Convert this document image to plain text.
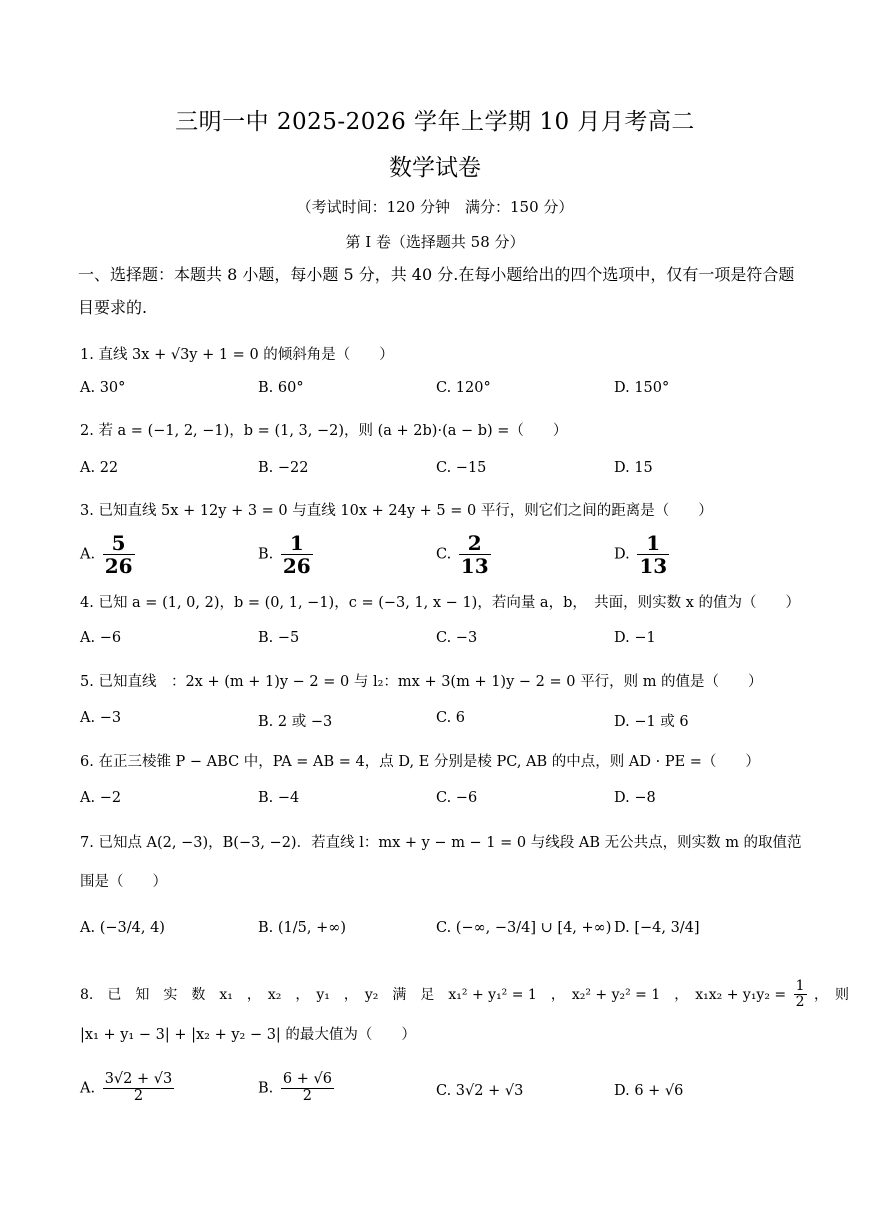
三明一中 2025-2026 学年上学期 10 月月考高二
数学试卷
（考试时间：120 分钟　满分：150 分）
第 I 卷（选择题共 58 分）
一、选择题：本题共 8 小题，每小题 5 分，共 40 分.在每小题给出的四个选项中，仅有一项是符合题目要求的.
1. 直线 3x + √3y + 1 = 0 的倾斜角是（　　）
A. 30°	B. 60°	C. 120°	D. 150°
2. 若 a = (−1, 2, −1)，b = (1, 3, −2)，则 (a + 2b)·(a − b) =（　　）
A. 22	B. −22	C. −15	D. 15
3. 已知直线 5x + 12y + 3 = 0 与直线 10x + 24y + 5 = 0 平行，则它们之间的距离是（　　）
A. $\frac{5}{26}$	B. $\frac{1}{26}$	C. $\frac{2}{13}$	D. $\frac{1}{13}$
4. 已知 a = (1, 0, 2)，b = (0, 1, −1)，c = (−3, 1, x − 1)，若向量 a，b，　共面，则实数 x 的值为（　　）
A. −6	B. −5	C. −3	D. −1
5. 已知直线　：2x + (m + 1)y − 2 = 0 与 l₂：mx + 3(m + 1)y − 2 = 0 平行，则 m 的值是（　　）
A. −3	B. 2 或 −3	C. 6	D. −1 或 6
6. 在正三棱锥 P − ABC 中，PA = AB = 4，点 D, E 分别是棱 PC, AB 的中点，则 AD · PE =（　　）
A. −2	B. −4	C. −6	D. −8
7. 已知点 A(2, −3)，B(−3, −2)．若直线 l：mx + y − m − 1 = 0 与线段 AB 无公共点，则实数 m 的取值范
围是（　　）
A. (−3/4, 4)	B. (1/5, +∞)	C. (−∞, −3/4] ∪ [4, +∞) D. [−4, 3/4]
8.　已　知　实　数　x₁　，　x₂　，　y₁　，　y₂　满　足　x₁² + y₁² = 1　，　x₂² + y₂² = 1　，　$x_1x_2 + y_1y_2 = \frac{1}{2}$ ，　则
|x₁ + y₁ − 3| + |x₂ + y₂ − 3| 的最大值为（　　）
A. $\frac{3√2 + √3}{2}$	B. $\frac{6 + √6}{2}$	C. 3√2 + √3	D. 6 + √6
